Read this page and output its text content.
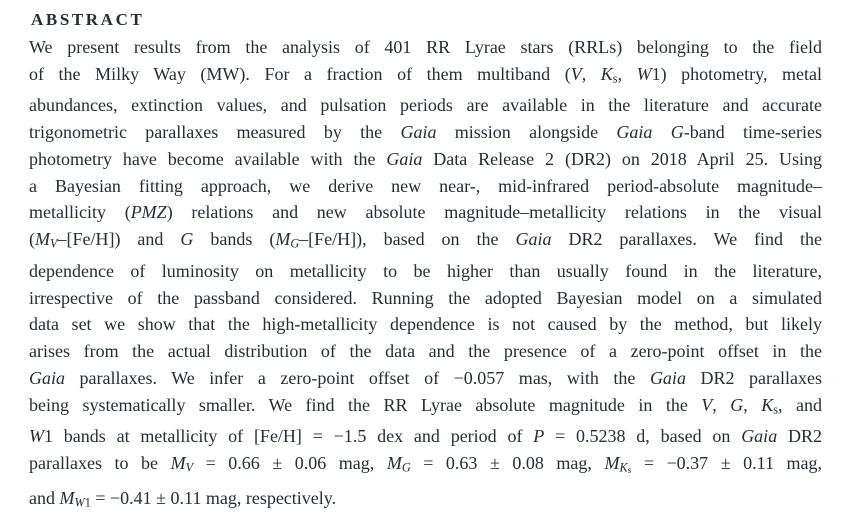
ABSTRACT
We present results from the analysis of 401 RR Lyrae stars (RRLs) belonging to the field
of the Milky Way (MW). For a fraction of them multiband (V, $K_s$, W1) photometry, metal
abundances, extinction values, and pulsation periods are available in the literature and accurate
trigonometric parallaxes measured by the Gaia mission alongside Gaia G-band time-series
photometry have become available with the Gaia Data Release 2 (DR2) on 2018 April 25. Using
a Bayesian fitting approach, we derive new near-, mid-infrared period-absolute magnitude–
metallicity (PMZ) relations and new absolute magnitude–metallicity relations in the visual
(MV–[Fe/H]) and G bands (MG–[Fe/H]), based on the Gaia DR2 parallaxes. We find the
dependence of luminosity on metallicity to be higher than usually found in the literature,
irrespective of the passband considered. Running the adopted Bayesian model on a simulated
data set we show that the high-metallicity dependence is not caused by the method, but likely
arises from the actual distribution of the data and the presence of a zero-point offset in the
Gaia parallaxes. We infer a zero-point offset of −0.057 mas, with the Gaia DR2 parallaxes
being systematically smaller. We find the RR Lyrae absolute magnitude in the V, G, $K_s$, and
W1 bands at metallicity of [Fe/H] = −1.5 dex and period of P = 0.5238 d, based on Gaia DR2
parallaxes to be MV = 0.66 ± 0.06 mag, MG = 0.63 ± 0.08 mag, $MK_s = -0.37 \pm 0.11$ mag,
and $MW_1 = -0.41 \pm 0.11$ mag, respectively.
